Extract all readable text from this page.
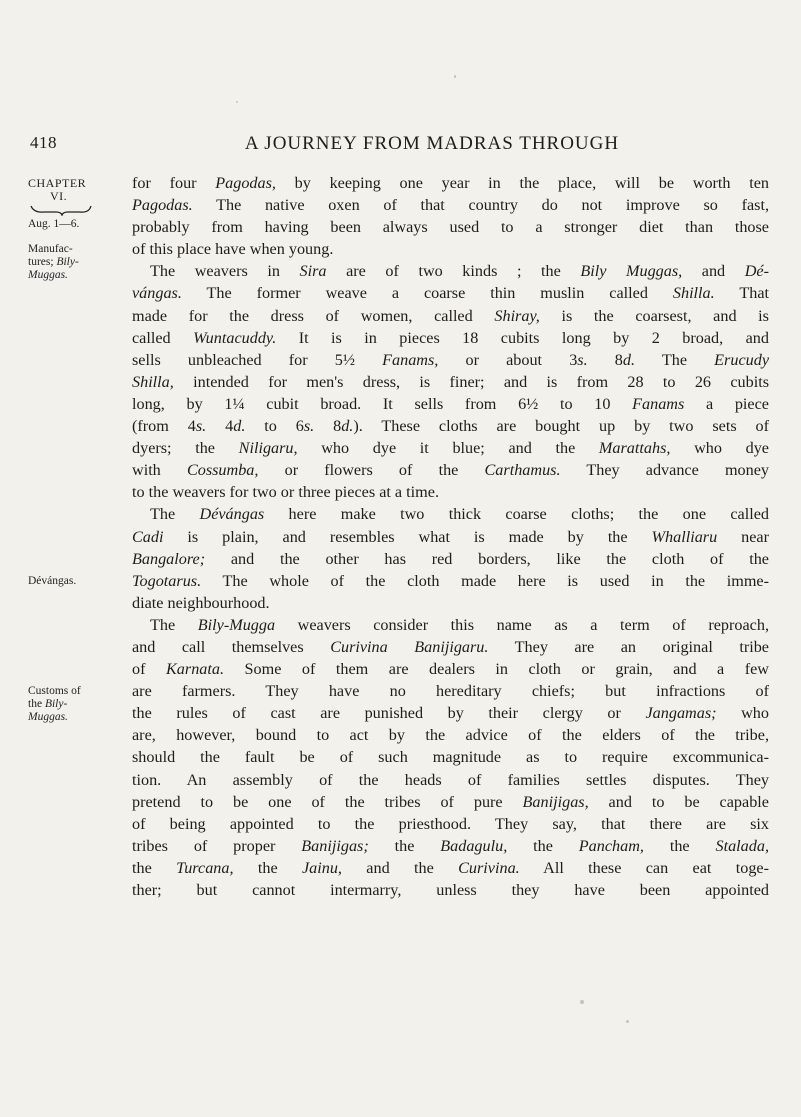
418	A JOURNEY FROM MADRAS THROUGH
CHAPTER
VI.
Aug. 1—6.
Manufac-
tures; Bily-
Muggas.
Dévángas.
Customs of
the Bily-
Muggas.

for four Pagodas, by keeping one year in the place, will be worth ten
Pagodas. The native oxen of that country do not improve so fast,
probably from having been always used to a stronger diet than those
of this place have when young.

The weavers in Sira are of two kinds ; the Bily Muggas, and Dé-
vángas. The former weave a coarse thin muslin called Shilla. That
made for the dress of women, called Shiray, is the coarsest, and is
called Wuntacuddy. It is in pieces 18 cubits long by 2 broad, and
sells unbleached for 5½ Fanams, or about 3s. 8d. The Erucudy
Shilla, intended for men's dress, is finer; and is from 28 to 26 cubits
long, by 1¼ cubit broad. It sells from 6½ to 10 Fanams a piece
(from 4s. 4d. to 6s. 8d.). These cloths are bought up by two sets of
dyers; the Niligaru, who dye it blue; and the Marattahs, who dye
with Cossumba, or flowers of the Carthamus. They advance money
to the weavers for two or three pieces at a time.

The Dévángas here make two thick coarse cloths; the one called
Cadi is plain, and resembles what is made by the Whalliaru near
Bangalore; and the other has red borders, like the cloth of the
Togotarus. The whole of the cloth made here is used in the imme-
diate neighbourhood.

The Bily-Mugga weavers consider this name as a term of reproach,
and call themselves Curivina Banijigaru. They are an original tribe
of Karnata. Some of them are dealers in cloth or grain, and a few
are farmers. They have no hereditary chiefs; but infractions of
the rules of cast are punished by their clergy or Jangamas; who
are, however, bound to act by the advice of the elders of the tribe,
should the fault be of such magnitude as to require excommunica-
tion. An assembly of the heads of families settles disputes. They
pretend to be one of the tribes of pure Banijigas, and to be capable
of being appointed to the priesthood. They say, that there are six
tribes of proper Banijigas; the Badagulu, the Pancham, the Stalada,
the Turcana, the Jainu, and the Curivina. All these can eat toge-
ther; but cannot intermarry, unless they have been appointed
